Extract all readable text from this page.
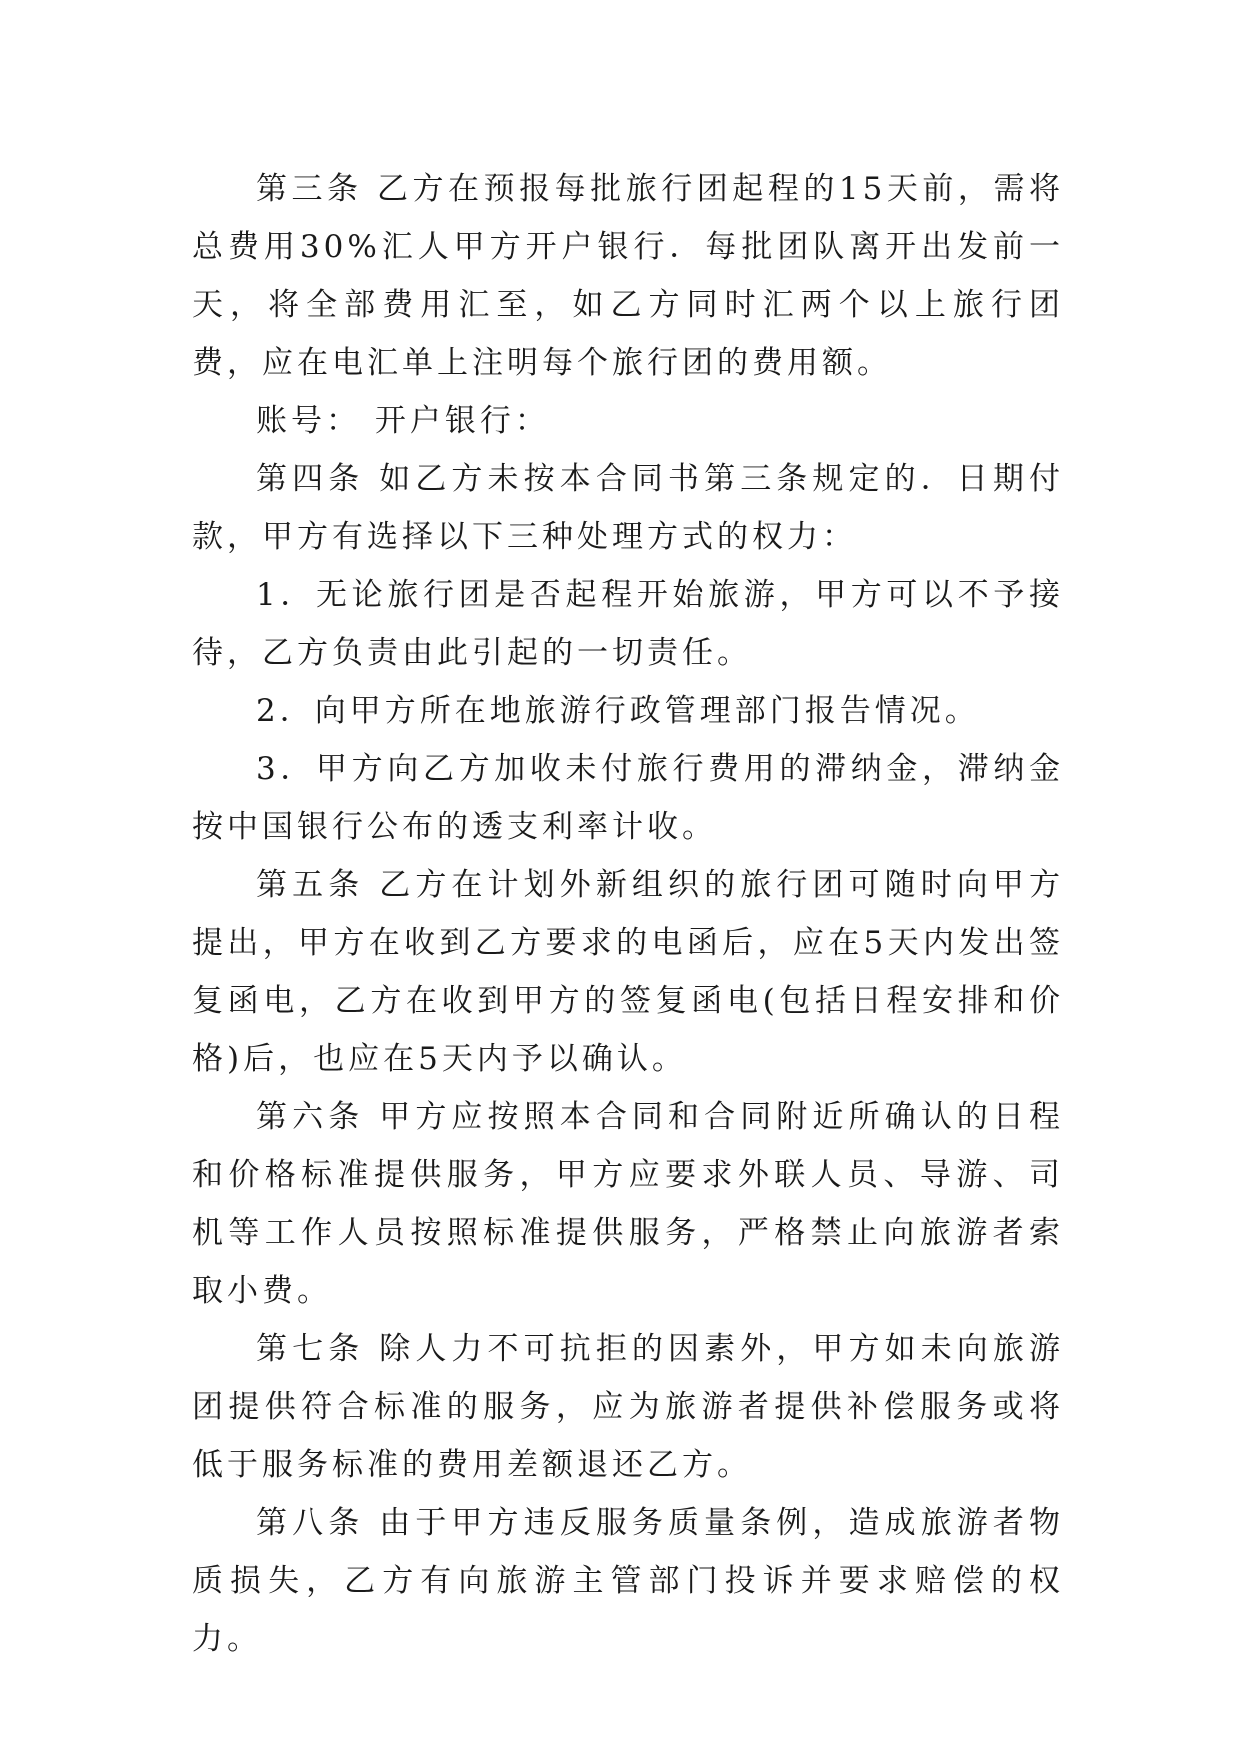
第三条 乙方在预报每批旅行团起程的15天前，需将总费用30%汇人甲方开户银行．每批团队离开出发前一天，将全部费用汇至，如乙方同时汇两个以上旅行团费，应在电汇单上注明每个旅行团的费用额。

账号： 开户银行：

第四条 如乙方未按本合同书第三条规定的．日期付款，甲方有选择以下三种处理方式的权力：

1．无论旅行团是否起程开始旅游，甲方可以不予接待，乙方负责由此引起的一切责任。

2．向甲方所在地旅游行政管理部门报告情况。

3．甲方向乙方加收未付旅行费用的滞纳金，滞纳金按中国银行公布的透支利率计收。

第五条 乙方在计划外新组织的旅行团可随时向甲方提出，甲方在收到乙方要求的电函后，应在5天内发出签复函电，乙方在收到甲方的签复函电(包括日程安排和价格)后，也应在5天内予以确认。

第六条 甲方应按照本合同和合同附近所确认的日程和价格标准提供服务，甲方应要求外联人员、导游、司机等工作人员按照标准提供服务，严格禁止向旅游者索取小费。

第七条 除人力不可抗拒的因素外，甲方如未向旅游团提供符合标准的服务，应为旅游者提供补偿服务或将低于服务标准的费用差额退还乙方。

第八条 由于甲方违反服务质量条例，造成旅游者物质损失，乙方有向旅游主管部门投诉并要求赔偿的权力。
